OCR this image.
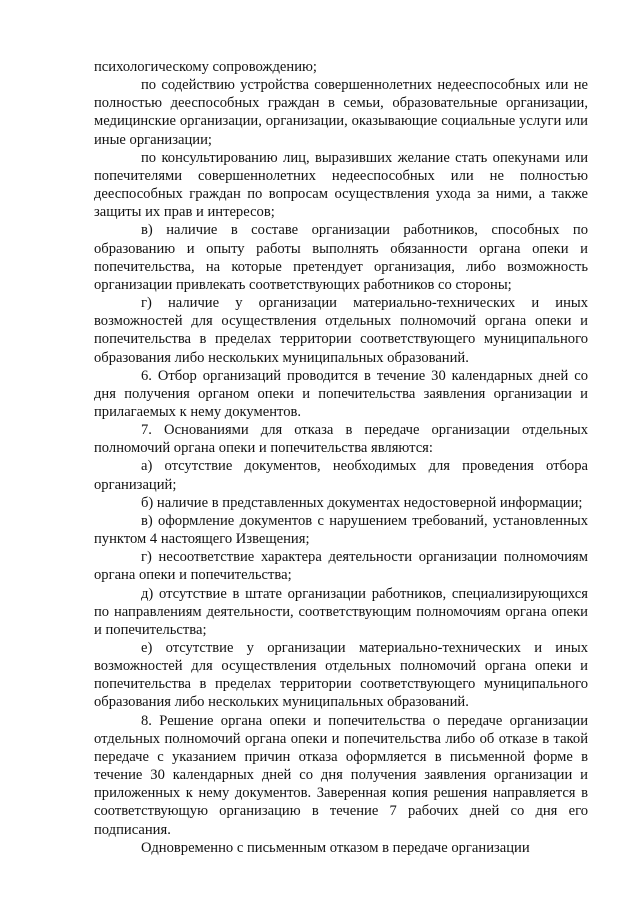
психологическому сопровождению;

по содействию устройства совершеннолетних недееспособных или не полностью дееспособных граждан в семьи, образовательные организации, медицинские организации, организации, оказывающие социальные услуги или иные организации;

по консультированию лиц, выразивших желание стать опекунами или попечителями совершеннолетних недееспособных или не полностью дееспособных граждан по вопросам осуществления ухода за ними, а также защиты их прав и интересов;

в) наличие в составе организации работников, способных по образованию и опыту работы выполнять обязанности органа опеки и попечительства, на которые претендует организация, либо возможность организации привлекать соответствующих работников со стороны;

г) наличие у организации материально-технических и иных возможностей для осуществления отдельных полномочий органа опеки и попечительства в пределах территории соответствующего муниципального образования либо нескольких муниципальных образований.

6. Отбор организаций проводится в течение 30 календарных дней со дня получения органом опеки и попечительства заявления организации и прилагаемых к нему документов.

7. Основаниями для отказа в передаче организации отдельных полномочий органа опеки и попечительства являются:

а) отсутствие документов, необходимых для проведения отбора организаций;

б) наличие в представленных документах недостоверной информации;

в) оформление документов с нарушением требований, установленных пунктом 4 настоящего Извещения;

г) несоответствие характера деятельности организации полномочиям органа опеки и попечительства;

д) отсутствие в штате организации работников, специализирующихся по направлениям деятельности, соответствующим полномочиям органа опеки и попечительства;

е) отсутствие у организации материально-технических и иных возможностей для осуществления отдельных полномочий органа опеки и попечительства в пределах территории соответствующего муниципального образования либо нескольких муниципальных образований.

8. Решение органа опеки и попечительства о передаче организации отдельных полномочий органа опеки и попечительства либо об отказе в такой передаче с указанием причин отказа оформляется в письменной форме в течение 30 календарных дней со дня получения заявления организации и приложенных к нему документов. Заверенная копия решения направляется в соответствующую организацию в течение 7 рабочих дней со дня его подписания.

Одновременно с письменным отказом в передаче организации
